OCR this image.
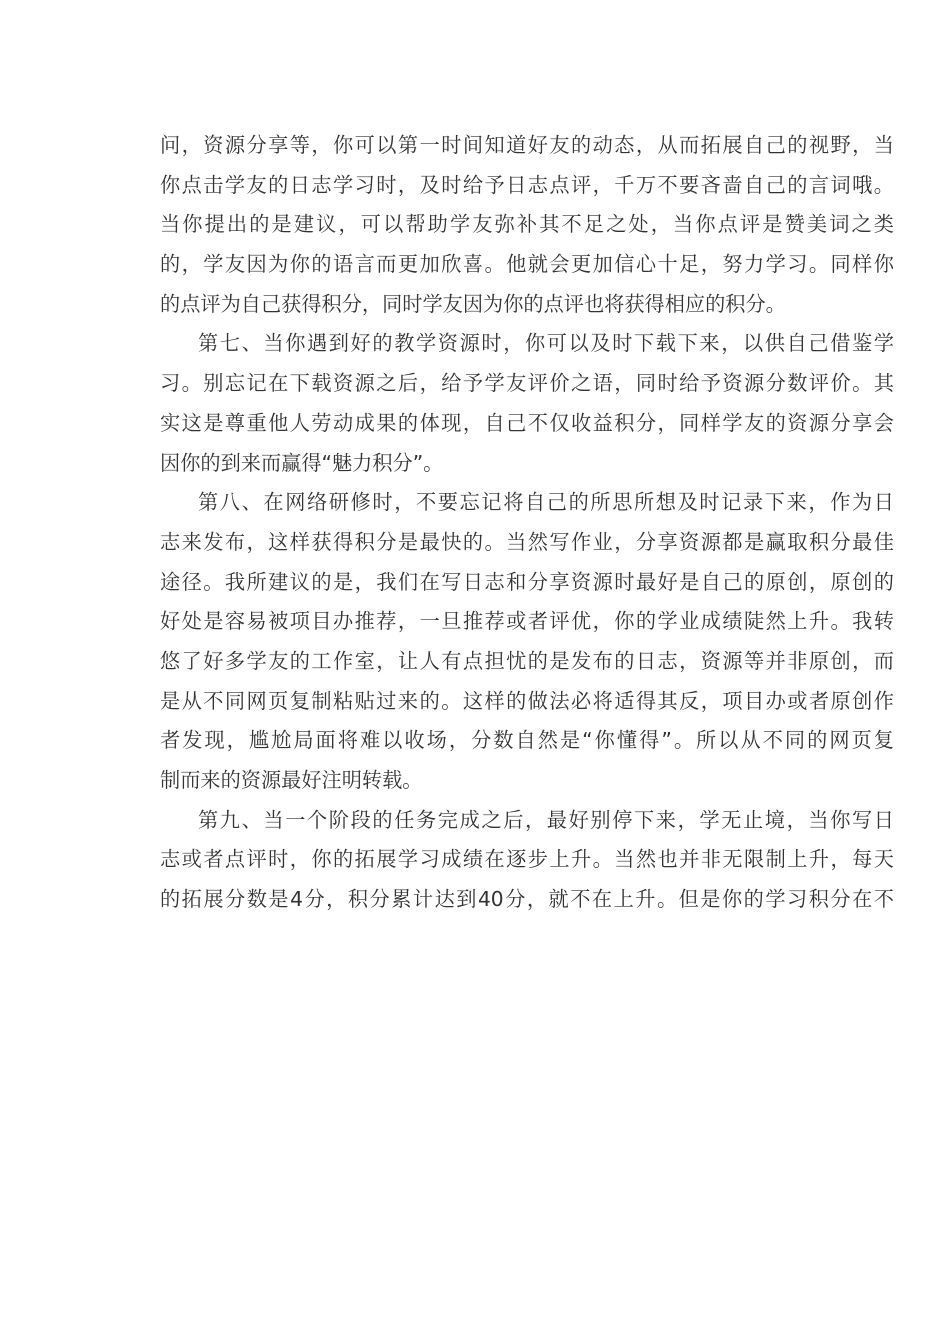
问，资源分享等，你可以第一时间知道好友的动态，从而拓展自己的视野，当
你点击学友的日志学习时，及时给予日志点评，千万不要吝啬自己的言词哦。
当你提出的是建议，可以帮助学友弥补其不足之处，当你点评是赞美词之类
的，学友因为你的语言而更加欣喜。他就会更加信心十足，努力学习。同样你
的点评为自己获得积分，同时学友因为你的点评也将获得相应的积分。
第七、当你遇到好的教学资源时，你可以及时下载下来，以供自己借鉴学
习。别忘记在下载资源之后，给予学友评价之语，同时给予资源分数评价。其
实这是尊重他人劳动成果的体现，自己不仅收益积分，同样学友的资源分享会
因你的到来而赢得“魅力积分”。
第八、在网络研修时，不要忘记将自己的所思所想及时记录下来，作为日
志来发布，这样获得积分是最快的。当然写作业，分享资源都是赢取积分最佳
途径。我所建议的是，我们在写日志和分享资源时最好是自己的原创，原创的
好处是容易被项目办推荐，一旦推荐或者评优，你的学业成绩陡然上升。我转
悠了好多学友的工作室，让人有点担忧的是发布的日志，资源等并非原创，而
是从不同网页复制粘贴过来的。这样的做法必将适得其反，项目办或者原创作
者发现，尴尬局面将难以收场，分数自然是“你懂得”。所以从不同的网页复
制而来的资源最好注明转载。
第九、当一个阶段的任务完成之后，最好别停下来，学无止境，当你写日
志或者点评时，你的拓展学习成绩在逐步上升。当然也并非无限制上升，每天
的拓展分数是4分，积分累计达到40分，就不在上升。但是你的学习积分在不
